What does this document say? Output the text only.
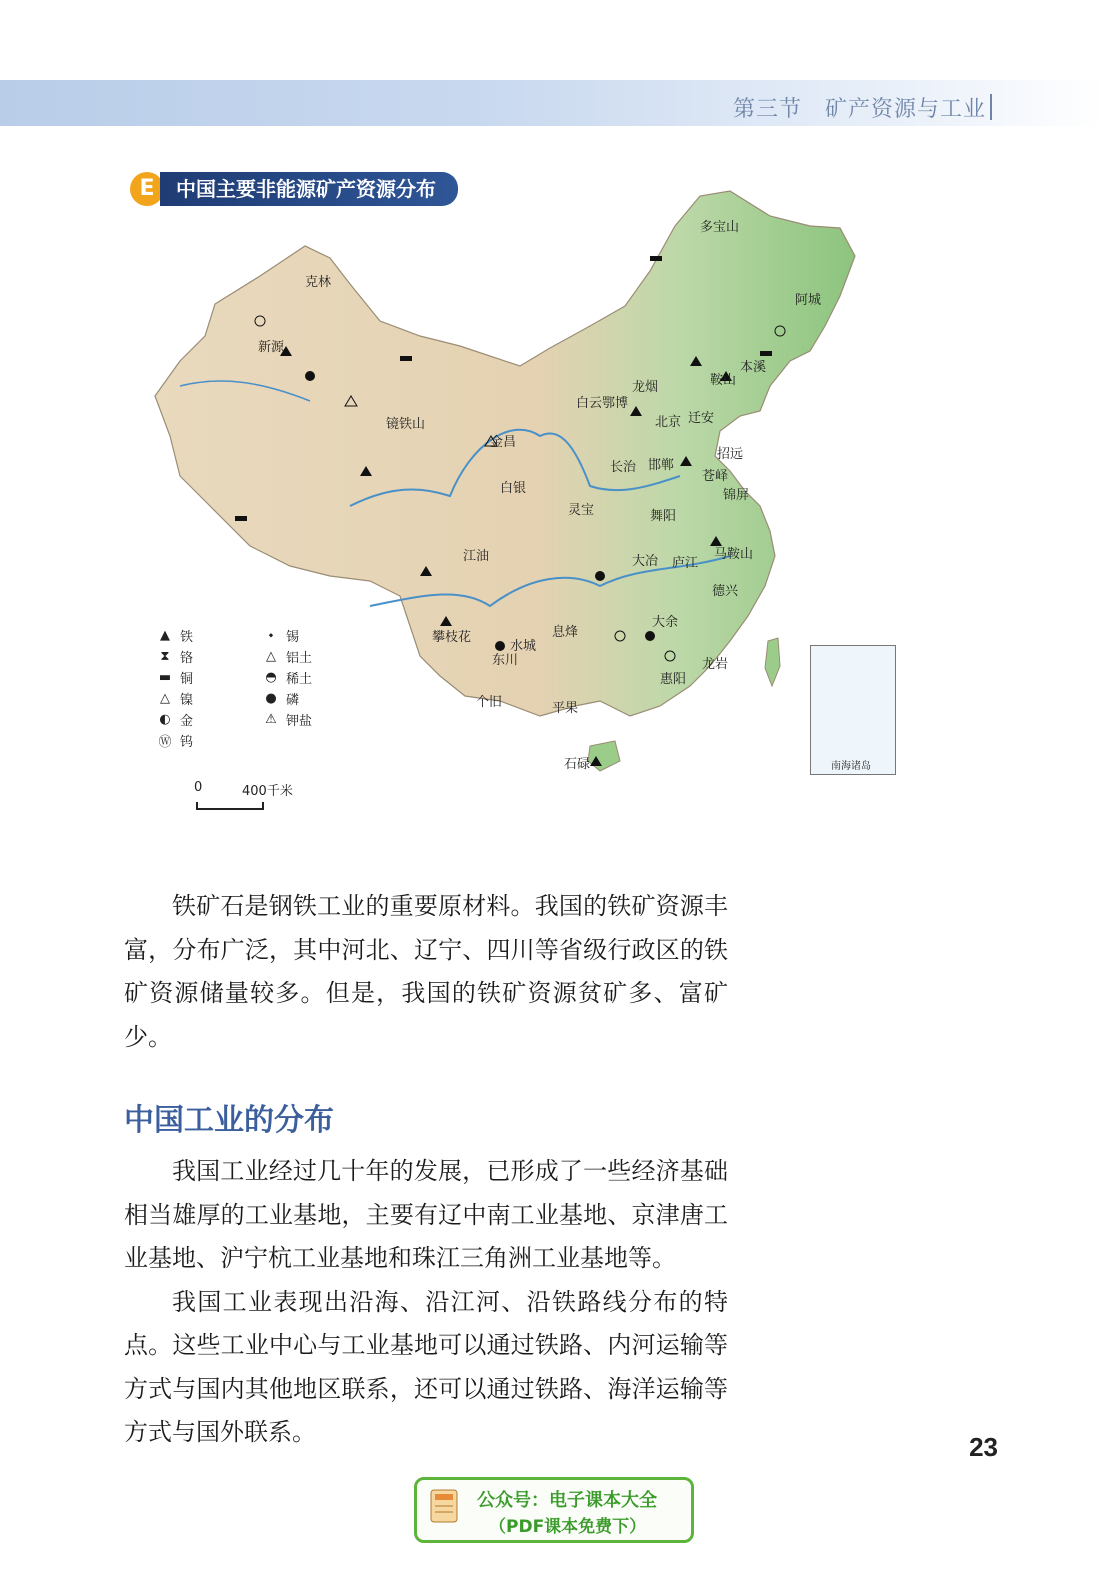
第三节　矿产资源与工业
E	中国主要非能源矿产资源分布
多宝山
阿城
克林
新源
本溪
鞍山
迁安
龙烟
白云鄂博
北京
镜铁山
金昌
招远
苍峄
邯郸
长治
锦屏
白银
灵宝	舞阳
马鞍山
江油	大冶 庐江
德兴
攀枝花
水城
东川
息烽
大余
龙岩
个旧	平果
惠阳
石碌
▲ 铁	⬩ 锡
⧗ 铬	△ 铝土
▬ 铜	◓ 稀土
△ 镍	● 磷
◐ 金	⚠ 钾盐
Ⓦ 钨
0	400千米
南海诸岛

铁矿石是钢铁工业的重要原材料。我国的铁矿资源丰富，分布广泛，其中河北、辽宁、四川等省级行政区的铁矿资源储量较多。但是，我国的铁矿资源贫矿多、富矿少。

中国工业的分布

我国工业经过几十年的发展，已形成了一些经济基础相当雄厚的工业基地，主要有辽中南工业基地、京津唐工业基地、沪宁杭工业基地和珠江三角洲工业基地等。

我国工业表现出沿海、沿江河、沿铁路线分布的特点。这些工业中心与工业基地可以通过铁路、内河运输等方式与国内其他地区联系，还可以通过铁路、海洋运输等方式与国外联系。	23
公众号：电子课本大全
（PDF课本免费下）
